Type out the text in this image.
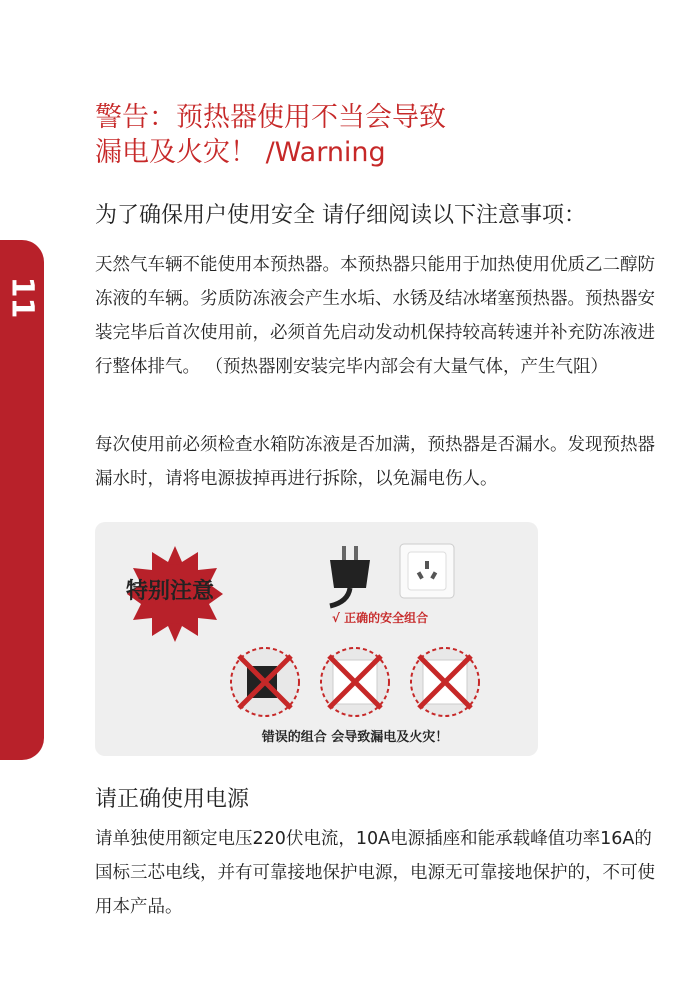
11
警告：预热器使用不当会导致
漏电及火灾！ /Warning
为了确保用户使用安全 请仔细阅读以下注意事项：

天然气车辆不能使用本预热器。本预热器只能用于加热使用优质乙二醇防冻液的车辆。劣质防冻液会产生水垢、水锈及结冰堵塞预热器。预热器安装完毕后首次使用前，必须首先启动发动机保持较高转速并补充防冻液进行整体排气。 （预热器刚安装完毕内部会有大量气体，产生气阻）

每次使用前必须检查水箱防冻液是否加满，预热器是否漏水。发现预热器漏水时，请将电源拔掉再进行拆除，以免漏电伤人。

特别注意
√ 正确的安全组合
错误的组合 会导致漏电及火灾！
请正确使用电源

请单独使用额定电压220伏电流，10A电源插座和能承载峰值功率16A的国标三芯电线，并有可靠接地保护电源，电源无可靠接地保护的，不可使用本产品。
